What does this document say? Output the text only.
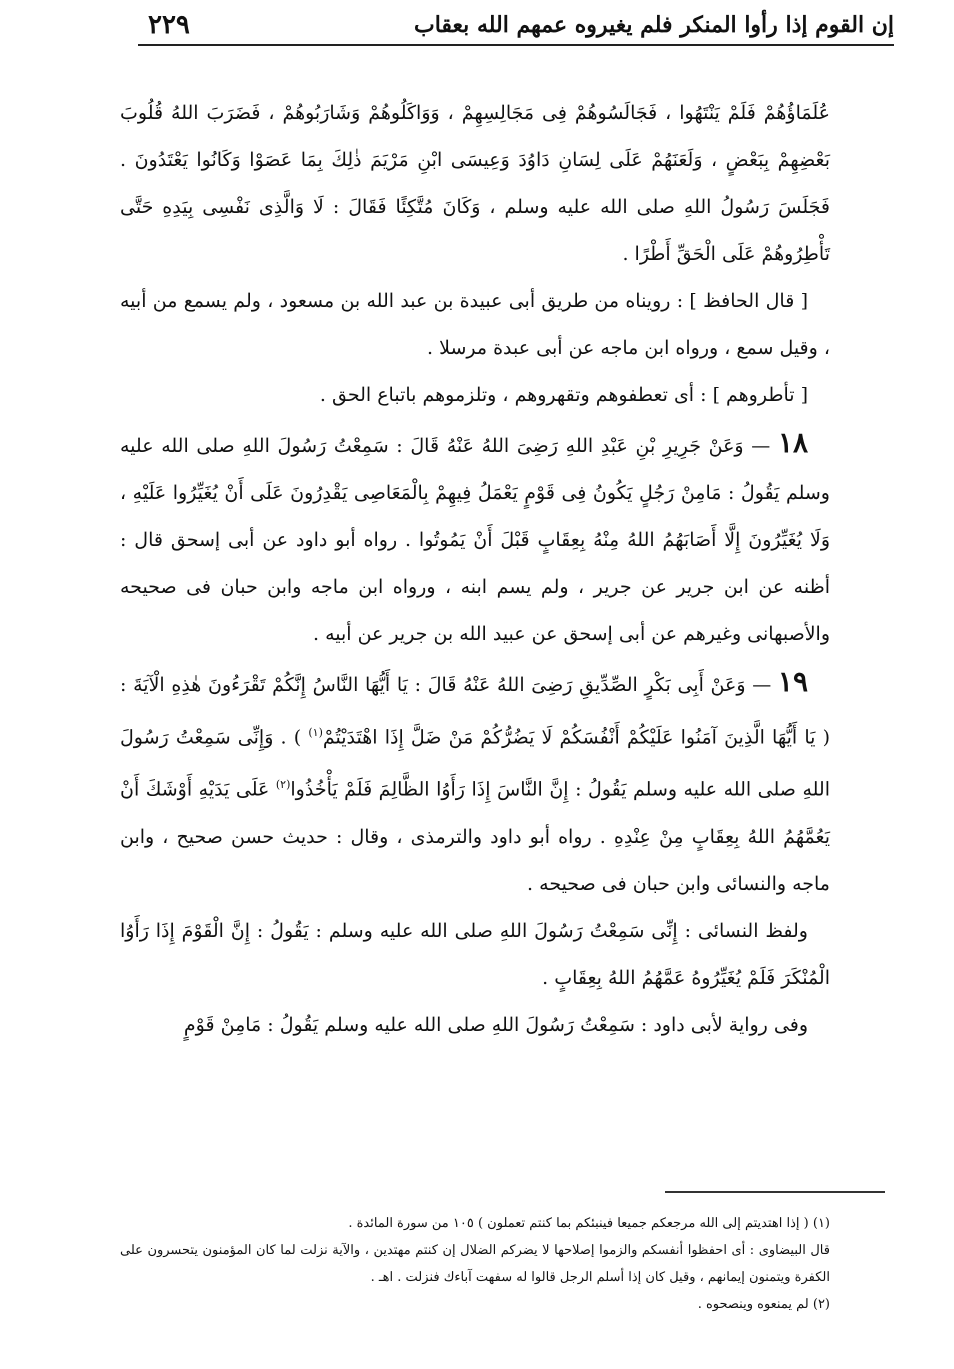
٢٢٩	إن القوم إذا رأوا المنكر فلم يغيروه عمهم الله بعقاب

عُلَمَاؤُهُمْ فَلَمْ يَنْتَهُوا ، فَجَالَسُوهُمْ فِى مَجَالِسِهِمْ ، وَوَاكَلُوهُمْ وَشَارَبُوهُمْ ، فَضَرَبَ اللهُ قُلُوبَ بَعْضِهِمْ بِبَعْضٍ ، وَلَعَنَهُمْ عَلَى لِسَانِ دَاوُدَ وَعِيسَى ابْنِ مَرْيَمَ ذٰلِكَ بِمَا عَصَوْا وَكَانُوا يَعْتَدُونَ . فَجَلَسَ رَسُولُ اللهِ صلى الله عليه وسلم ، وَكَانَ مُتَّكِئًا فَقَالَ : لَا وَالَّذِى نَفْسِى بِيَدِهِ حَتَّى تَأْطِرُوهُمْ عَلَى الْحَقِّ أَطْرًا .

[ قال الحافظ ] : رويناه من طريق أبى عبيدة بن عبد الله بن مسعود ، ولم يسمع من أبيه ، وقيل سمع ، ورواه ابن ماجه عن أبى عبدة مرسلا .

[ تأطروهم ] : أى تعطفوهم وتقهروهم ، وتلزموهم باتباع الحق .

١٨ — وَعَنْ جَرِيرِ بْنِ عَبْدِ اللهِ رَضِىَ اللهُ عَنْهُ قَالَ : سَمِعْتُ رَسُولَ اللهِ صلى الله عليه وسلم يَقُولُ : مَامِنْ رَجُلٍ يَكُونُ فِى قَوْمٍ يَعْمَلُ فِيهِمْ بِالْمَعَاصِى يَقْدِرُونَ عَلَى أَنْ يُغَيِّرُوا عَلَيْهِ ، وَلَا يُغَيِّرُونَ إِلَّا أَصَابَهُمُ اللهُ مِنْهُ بِعِقَابٍ قَبْلَ أَنْ يَمُوتُوا . رواه أبو داود عن أبى إسحق قال : أظنه عن ابن جرير عن جرير ، ولم يسم ابنه ، ورواه ابن ماجه وابن حبان فى صحيحه والأصبهانى وغيرهم عن أبى إسحق عن عبيد الله بن جرير عن أبيه .

١٩ — وَعَنْ أَبِى بَكْرٍ الصِّدِّيقِ رَضِىَ اللهُ عَنْهُ قَالَ : يَا أَيُّهَا النَّاسُ إِنَّكُمْ تَقْرَءُونَ هٰذِهِ الْآيَةَ : ( يَا أَيُّهَا الَّذِينَ آمَنُوا عَلَيْكُمْ أَنْفُسَكُمْ لَا يَضُرُّكُمْ مَنْ ضَلَّ إِذَا اهْتَدَيْتُمْ$^{(١)}$ ) . وَإِنِّى سَمِعْتُ رَسُولَ اللهِ صلى الله عليه وسلم يَقُولُ : إِنَّ النَّاسَ إِذَا رَأَوُا الظَّالِمَ فَلَمْ يَأْخُذُوا$^{(٢)}$ عَلَى يَدَيْهِ أَوْشَكَ أَنْ يَعُمَّهُمُ اللهُ بِعِقَابٍ مِنْ عِنْدِهِ . رواه أبو داود والترمذى ، وقال : حديث حسن صحيح ، وابن ماجه والنسائى وابن حبان فى صحيحه .

ولفظ النسائى : إِنِّى سَمِعْتُ رَسُولَ اللهِ صلى الله عليه وسلم : يَقُولُ : إِنَّ الْقَوْمَ إِذَا رَأَوُا الْمُنْكَرَ فَلَمْ يُغَيِّرُوهُ عَمَّهُمُ اللهُ بِعِقَابٍ .

وفى رواية لأبى داود : سَمِعْتُ رَسُولَ اللهِ صلى الله عليه وسلم يَقُولُ : مَامِنْ قَوْمٍ

(١) ( إذا اهتديتم إلى الله مرجعكم جميعا فينبئكم بما كنتم تعملون ) ١٠٥ من سورة المائدة .

قال البيضاوى : أى احفظوا أنفسكم والزموا إصلاحها لا يضركم الضلال إن كنتم مهتدين ، والآية نزلت لما كان المؤمنون يتحسرون على الكفرة ويتمنون إيمانهم ، وقيل كان إذا أسلم الرجل قالوا له سفهت آباءك فنزلت . اهـ .

(٢) لم يمنعوه وينصحوه .
